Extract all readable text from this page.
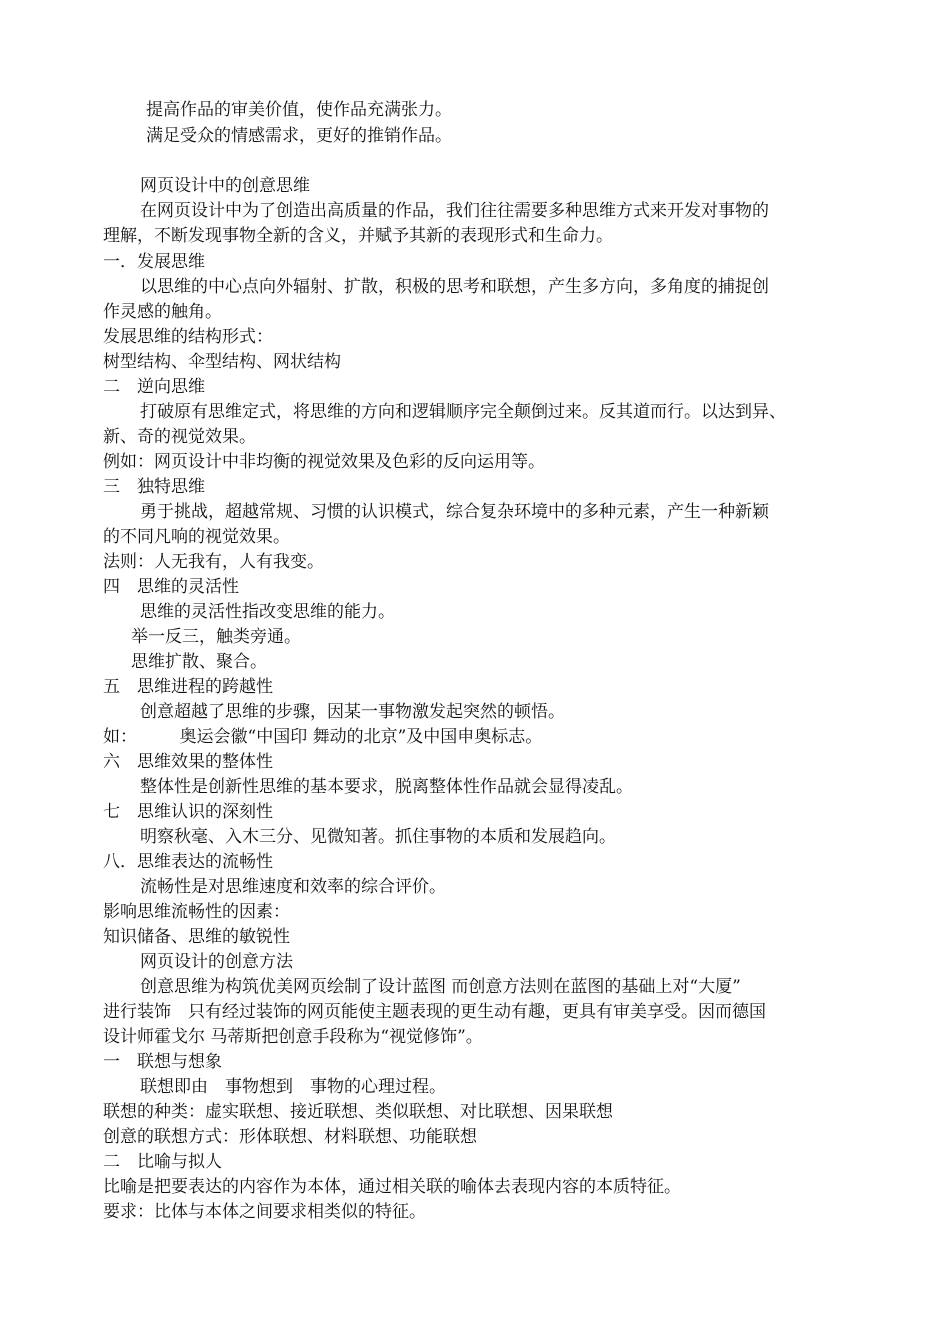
提高作品的审美价值，使作品充满张力。
满足受众的情感需求，更好的推销作品。
网页设计中的创意思维
在网页设计中为了创造出高质量的作品，我们往往需要多种思维方式来开发对事物的
理解，不断发现事物全新的含义，并赋予其新的表现形式和生命力。
一．发展思维
以思维的中心点向外辐射、扩散，积极的思考和联想，产生多方向，多角度的捕捉创
作灵感的触角。
发展思维的结构形式：
树型结构、伞型结构、网状结构
二　逆向思维
打破原有思维定式，将思维的方向和逻辑顺序完全颠倒过来。反其道而行。以达到异、
新、奇的视觉效果。
例如：网页设计中非均衡的视觉效果及色彩的反向运用等。
三　独特思维
勇于挑战，超越常规、习惯的认识模式，综合复杂环境中的多种元素，产生一种新颖
的不同凡响的视觉效果。
法则：人无我有，人有我变。
四　思维的灵活性
思维的灵活性指改变思维的能力。
举一反三，触类旁通。
思维扩散、聚合。
五　思维进程的跨越性
创意超越了思维的步骤，因某一事物激发起突然的顿悟。
如：　　　奥运会徽“中国印 舞动的北京”及中国申奥标志。
六　思维效果的整体性
整体性是创新性思维的基本要求，脱离整体性作品就会显得凌乱。
七　思维认识的深刻性
明察秋毫、入木三分、见微知著。抓住事物的本质和发展趋向。
八．思维表达的流畅性
流畅性是对思维速度和效率的综合评价。
影响思维流畅性的因素：
知识储备、思维的敏锐性
网页设计的创意方法
创意思维为构筑优美网页绘制了设计蓝图 而创意方法则在蓝图的基础上对“大厦”
进行装饰　只有经过装饰的网页能使主题表现的更生动有趣，更具有审美享受。因而德国
设计师霍戈尔 马蒂斯把创意手段称为“视觉修饰”。
一　联想与想象
联想即由　事物想到　事物的心理过程。
联想的种类：虚实联想、接近联想、类似联想、对比联想、因果联想
创意的联想方式：形体联想、材料联想、功能联想
二　比喻与拟人
比喻是把要表达的内容作为本体，通过相关联的喻体去表现内容的本质特征。
要求：比体与本体之间要求相类似的特征。
